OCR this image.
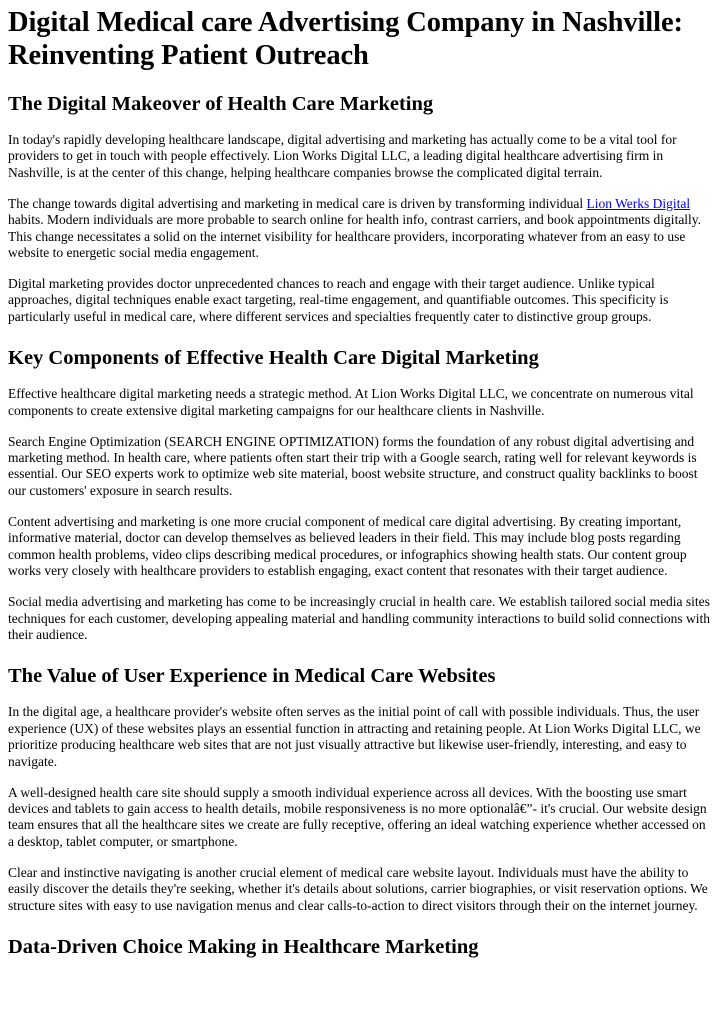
Digital Medical care Advertising Company in Nashville: Reinventing Patient Outreach
The Digital Makeover of Health Care Marketing

In today's rapidly developing healthcare landscape, digital advertising and marketing has actually come to be a vital tool for providers to get in touch with people effectively. Lion Works Digital LLC, a leading digital healthcare advertising firm in Nashville, is at the center of this change, helping healthcare companies browse the complicated digital terrain.

The change towards digital advertising and marketing in medical care is driven by transforming individual Lion Werks Digital habits. Modern individuals are more probable to search online for health info, contrast carriers, and book appointments digitally. This change necessitates a solid on the internet visibility for healthcare providers, incorporating whatever from an easy to use website to energetic social media engagement.

Digital marketing provides doctor unprecedented chances to reach and engage with their target audience. Unlike typical approaches, digital techniques enable exact targeting, real-time engagement, and quantifiable outcomes. This specificity is particularly useful in medical care, where different services and specialties frequently cater to distinctive group groups.

Key Components of Effective Health Care Digital Marketing

Effective healthcare digital marketing needs a strategic method. At Lion Works Digital LLC, we concentrate on numerous vital components to create extensive digital marketing campaigns for our healthcare clients in Nashville.

Search Engine Optimization (SEARCH ENGINE OPTIMIZATION) forms the foundation of any robust digital advertising and marketing method. In health care, where patients often start their trip with a Google search, rating well for relevant keywords is essential. Our SEO experts work to optimize web site material, boost website structure, and construct quality backlinks to boost our customers' exposure in search results.

Content advertising and marketing is one more crucial component of medical care digital advertising. By creating important, informative material, doctor can develop themselves as believed leaders in their field. This may include blog posts regarding common health problems, video clips describing medical procedures, or infographics showing health stats. Our content group works very closely with healthcare providers to establish engaging, exact content that resonates with their target audience.

Social media advertising and marketing has come to be increasingly crucial in health care. We establish tailored social media sites techniques for each customer, developing appealing material and handling community interactions to build solid connections with their audience.

The Value of User Experience in Medical Care Websites

In the digital age, a healthcare provider's website often serves as the initial point of call with possible individuals. Thus, the user experience (UX) of these websites plays an essential function in attracting and retaining people. At Lion Works Digital LLC, we prioritize producing healthcare web sites that are not just visually attractive but likewise user-friendly, interesting, and easy to navigate.

A well-designed health care site should supply a smooth individual experience across all devices. With the boosting use smart devices and tablets to gain access to health details, mobile responsiveness is no more optionalâ€”- it's crucial. Our website design team ensures that all the healthcare sites we create are fully receptive, offering an ideal watching experience whether accessed on a desktop, tablet computer, or smartphone.

Clear and instinctive navigating is another crucial element of medical care website layout. Individuals must have the ability to easily discover the details they're seeking, whether it's details about solutions, carrier biographies, or visit reservation options. We structure sites with easy to use navigation menus and clear calls-to-action to direct visitors through their on the internet journey.

Data-Driven Choice Making in Healthcare Marketing
